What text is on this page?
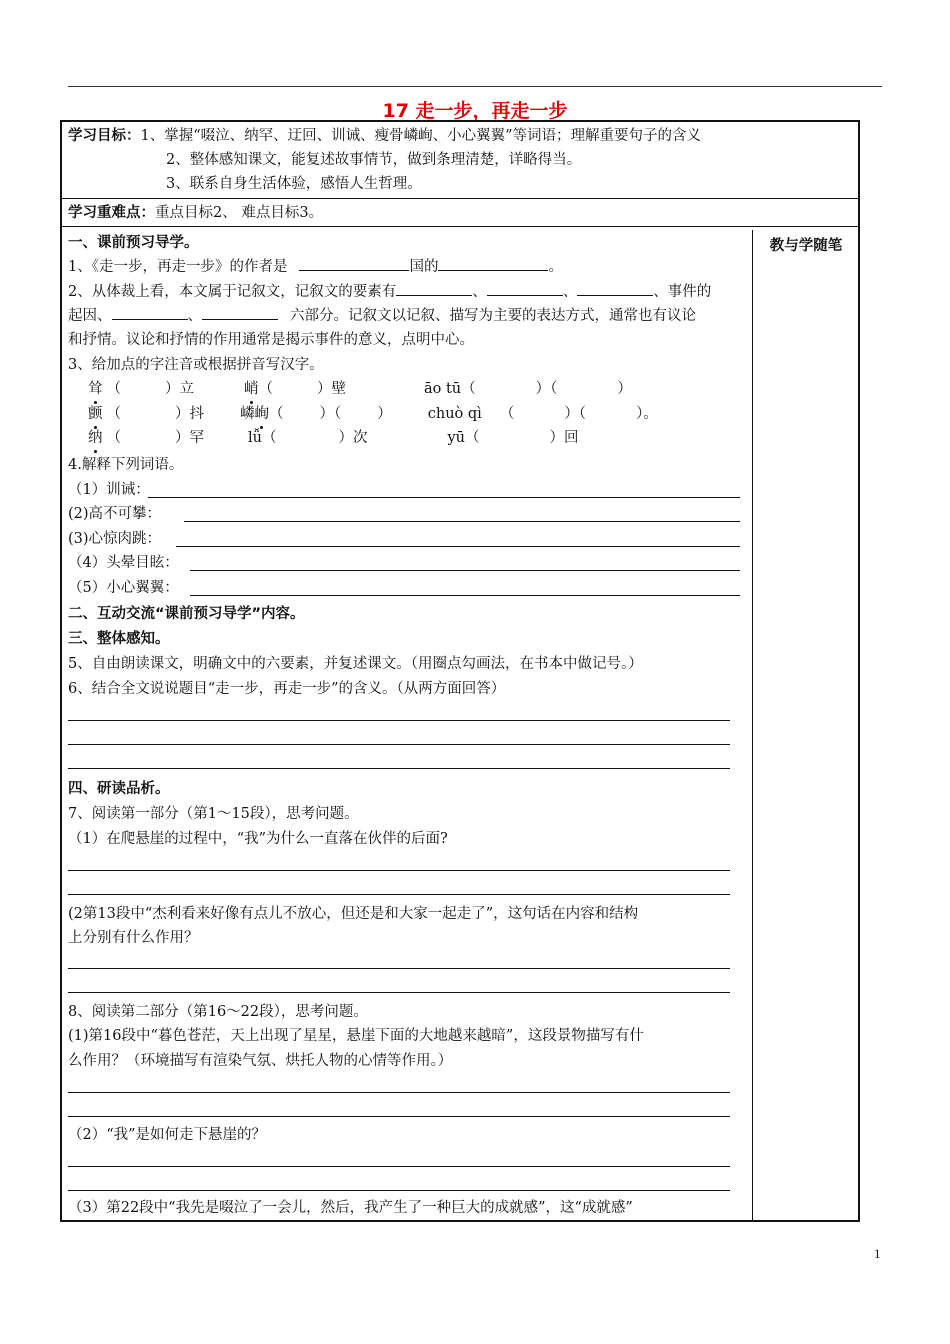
17 走一步，再走一步
学习目标：1、掌握“啜泣、纳罕、迂回、训诫、瘦骨嶙峋、小心翼翼”等词语；理解重要句子的含义
2、整体感知课文，能复述故事情节，做到条理清楚，详略得当。
3、联系自身生活体验，感悟人生哲理。
学习重难点：重点目标2、 难点目标3。
教与学随笔
一、课前预习导学。
1、《走一步，再走一步》的作者是	国的	。
2、从体裁上看，本文属于记叙文，记叙文的要素有	、	、	、事件的
起因、	、	六部分。记叙文以记叙、描写为主要的表达方式，通常也有议论
和抒情。议论和抒情的作用通常是揭示事件的意义，点明中心。
3、给加点的字注音或根据拼音写汉字。
耸 （	）立	峭（	）壁	āo tū（	）（	）
颤 （	）抖 嶙峋（ ）（ ） chuò qì （	）（	）。
纳 （	）罕	lǚ（	）次	yū（	）回
4.解释下列词语。
（1）训诫：
(2)高不可攀：
(3)心惊肉跳：
（4）头晕目眩：
（5）小心翼翼：
二、互动交流“课前预习导学”内容。
三、整体感知。
5、自由朗读课文，明确文中的六要素，并复述课文。（用圈点勾画法，在书本中做记号。）
6、结合全文说说题目“走一步，再走一步”的含义。（从两方面回答）
四、研读品析。
7、阅读第一部分（第1～15段），思考问题。
（1）在爬悬崖的过程中，“我”为什么一直落在伙伴的后面?
(2第13段中“杰利看来好像有点儿不放心，但还是和大家一起走了”，这句话在内容和结构
上分别有什么作用？
8、阅读第二部分（第16～22段），思考问题。
(1)第16段中“暮色苍茫，天上出现了星星，悬崖下面的大地越来越暗”，这段景物描写有什
么作用？（环境描写有渲染气氛、烘托人物的心情等作用。）
（2）“我”是如何走下悬崖的？
（3）第22段中“我先是啜泣了一会儿，然后，我产生了一种巨大的成就感”，这“成就感”
1
